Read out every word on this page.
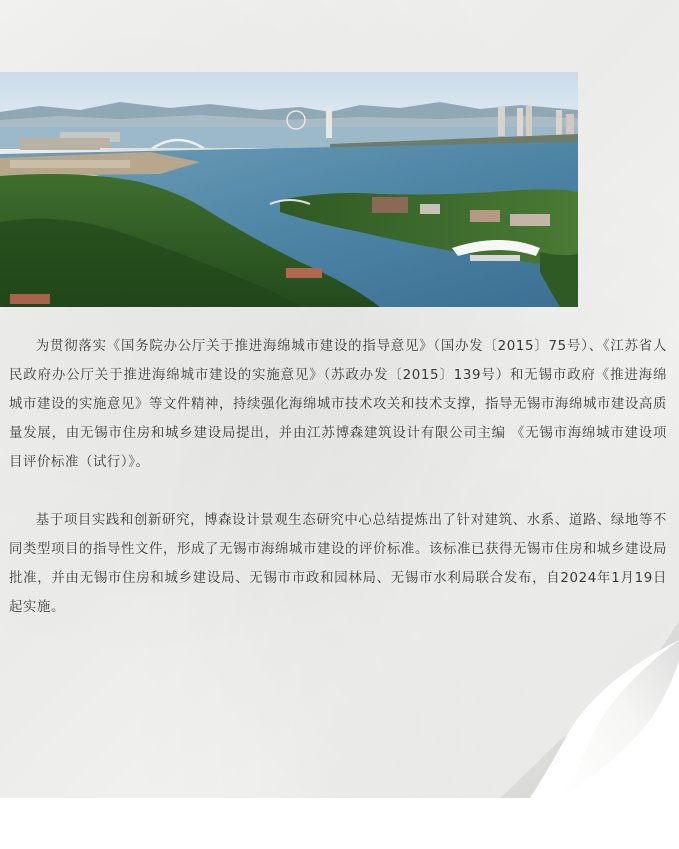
为贯彻落实《国务院办公厅关于推进海绵城市建设的指导意见》（国办发〔2015〕75号）、《江苏省人民政府办公厅关于推进海绵城市建设的实施意见》（苏政办发〔2015〕139号）和无锡市政府《推进海绵城市建设的实施意见》等文件精神，持续强化海绵城市技术攻关和技术支撑，指导无锡市海绵城市建设高质量发展，由无锡市住房和城乡建设局提出，并由江苏博森建筑设计有限公司主编 《无锡市海绵城市建设项目评价标准（试行）》。

基于项目实践和创新研究，博森设计景观生态研究中心总结提炼出了针对建筑、水系、道路、绿地等不同类型项目的指导性文件，形成了无锡市海绵城市建设的评价标准。该标准已获得无锡市住房和城乡建设局批准，并由无锡市住房和城乡建设局、无锡市市政和园林局、无锡市水利局联合发布，自2024年1月19日起实施。
